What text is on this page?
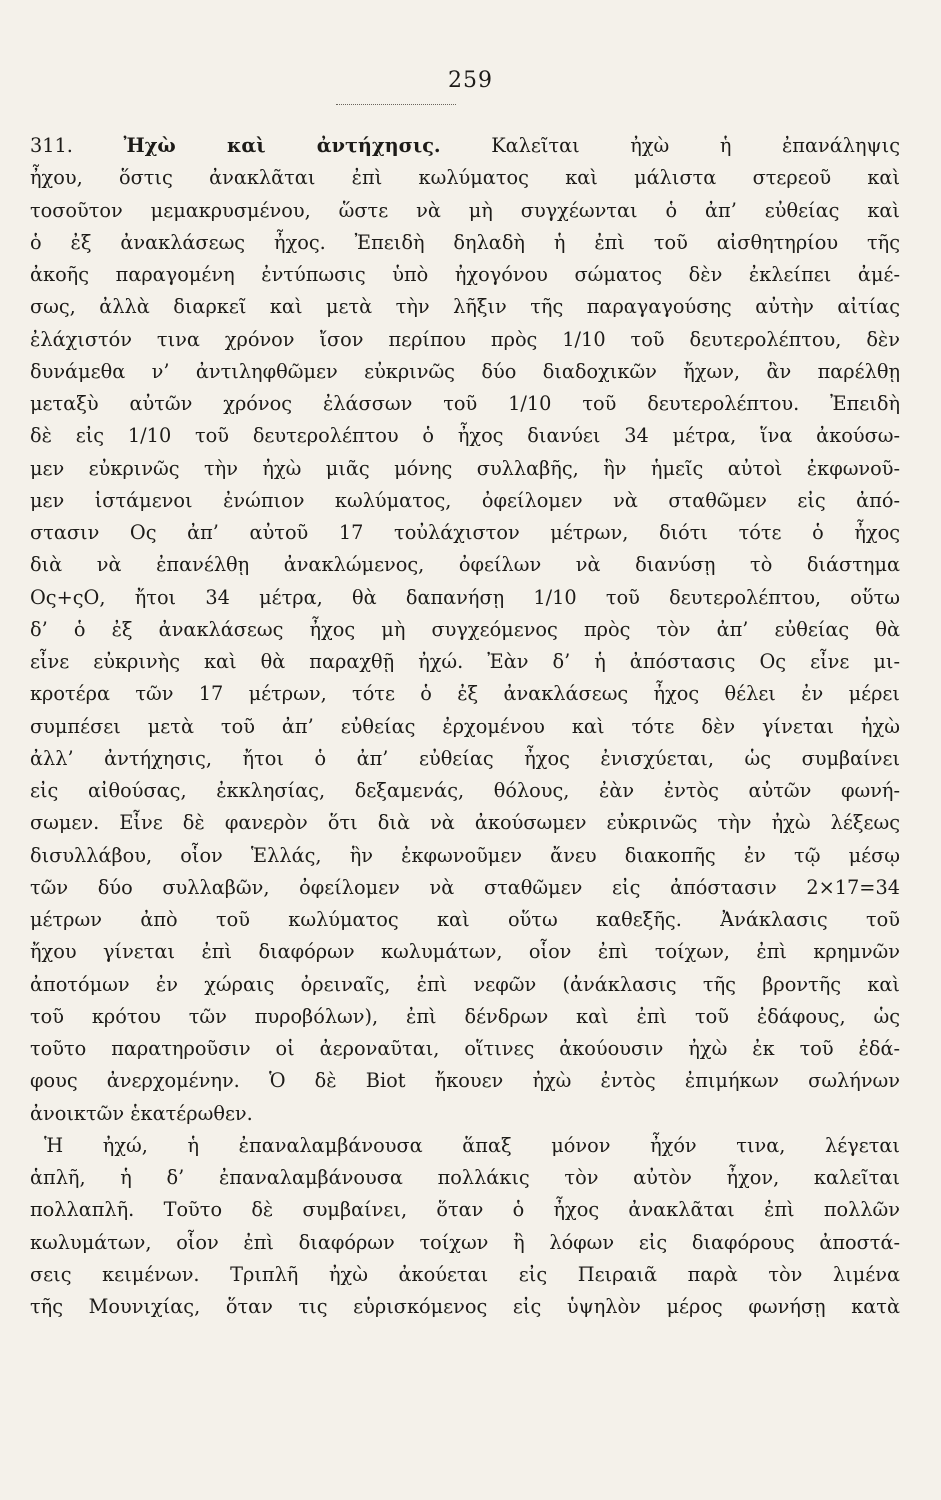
259
311.	Ἠχὼ καὶ ἀντήχησις.	Καλεῖται ἠχὼ ἡ ἐπανάληψις
ἦχου, ὅστις ἀνακλᾶται ἐπὶ κωλύματος καὶ μάλιστα στερεοῦ καὶ
τοσοῦτον μεμακρυσμένου, ὥστε νὰ μὴ συγχέωνται ὁ ἀπ’ εὐθείας καὶ
ὁ ἐξ ἀνακλάσεως ἦχος. Ἐπειδὴ δηλαδὴ ἡ ἐπὶ τοῦ αἰσθητηρίου τῆς
ἀκοῆς παραγομένη ἐντύπωσις ὑπὸ ἠχογόνου σώματος δὲν ἐκλείπει ἀμέ-
σως, ἀλλὰ διαρκεῖ καὶ μετὰ τὴν λῆξιν τῆς παραγαγούσης αὐτὴν αἰτίας
ἐλάχιστόν τινα χρόνον ἴσον περίπου πρὸς 1/10 τοῦ δευτερολέπτου, δὲν
δυνάμεθα ν’ ἀντιληφθῶμεν εὐκρινῶς δύο διαδοχικῶν ἤχων, ἂν παρέλθῃ
μεταξὺ αὐτῶν χρόνος ἐλάσσων τοῦ 1/10 τοῦ δευτερολέπτου. Ἐπειδὴ
δὲ εἰς 1/10 τοῦ δευτερολέπτου ὁ ἦχος διανύει 34 μέτρα, ἵνα ἀκούσω-
μεν εὐκρινῶς τὴν ἠχὼ μιᾶς μόνης συλλαβῆς, ἣν ἡμεῖς αὐτοὶ ἐκφωνοῦ-
μεν ἱστάμενοι ἐνώπιον κωλύματος, ὀφείλομεν νὰ σταθῶμεν εἰς ἀπό-
στασιν Ος ἀπ’ αὐτοῦ 17 τοὐλάχιστον μέτρων, διότι τότε ὁ ἦχος
διὰ νὰ ἐπανέλθῃ ἀνακλώμενος, ὀφείλων νὰ διανύσῃ τὸ διάστημα
Ος+ςΟ, ἤτοι 34 μέτρα, θὰ δαπανήσῃ 1/10 τοῦ δευτερολέπτου, οὕτω
δ’ ὁ ἐξ ἀνακλάσεως ἦχος μὴ συγχεόμενος πρὸς τὸν ἀπ’ εὐθείας θὰ
εἶνε εὐκρινὴς καὶ θὰ παραχθῇ ἠχώ. Ἐὰν δ’ ἡ ἀπόστασις Ος εἶνε μι-
κροτέρα τῶν 17 μέτρων, τότε ὁ ἐξ ἀνακλάσεως ἦχος θέλει ἐν μέρει
συμπέσει μετὰ τοῦ ἀπ’ εὐθείας ἐρχομένου καὶ τότε δὲν γίνεται ἠχὼ
ἀλλ’ ἀντήχησις, ἤτοι ὁ ἀπ’ εὐθείας ἦχος ἐνισχύεται, ὡς συμβαίνει
εἰς αἰθούσας, ἐκκλησίας, δεξαμενάς, θόλους, ἐὰν ἐντὸς αὐτῶν φωνή-
σωμεν. Εἶνε δὲ φανερὸν ὅτι διὰ νὰ ἀκούσωμεν εὐκρινῶς τὴν ἠχὼ λέξεως
δισυλλάβου, οἷον Ἑλλάς, ἣν ἐκφωνοῦμεν ἄνευ διακοπῆς ἐν τῷ μέσῳ
τῶν δύο συλλαβῶν, ὀφείλομεν νὰ σταθῶμεν εἰς ἀπόστασιν 2×17=34
μέτρων ἀπὸ τοῦ κωλύματος καὶ οὕτω καθεξῆς. Ἀνάκλασις τοῦ
ἤχου γίνεται ἐπὶ διαφόρων κωλυμάτων, οἷον ἐπὶ τοίχων, ἐπὶ κρημνῶν
ἀποτόμων ἐν χώραις ὀρειναῖς, ἐπὶ νεφῶν (ἀνάκλασις τῆς βροντῆς καὶ
τοῦ κρότου τῶν πυροβόλων), ἐπὶ δένδρων καὶ ἐπὶ τοῦ ἐδάφους, ὡς
τοῦτο παρατηροῦσιν οἱ ἀεροναῦται, οἵτινες ἀκούουσιν ἠχὼ ἐκ τοῦ ἐδά-
φους ἀνερχομένην. Ὁ δὲ Biot ἤκουεν ἠχὼ ἐντὸς ἐπιμήκων σωλήνων
ἀνοικτῶν ἑκατέρωθεν.
Ἡ ἠχώ, ἡ ἐπαναλαμβάνουσα ἅπαξ μόνον ἦχόν τινα, λέγεται
ἁπλῆ, ἡ δ’ ἐπαναλαμβάνουσα πολλάκις τὸν αὐτὸν ἦχον, καλεῖται
πολλαπλῆ. Τοῦτο δὲ συμβαίνει, ὅταν ὁ ἦχος ἀνακλᾶται ἐπὶ πολλῶν
κωλυμάτων, οἷον ἐπὶ διαφόρων τοίχων ἢ λόφων εἰς διαφόρους ἀποστά-
σεις κειμένων. Τριπλῆ ἠχὼ ἀκούεται εἰς Πειραιᾶ παρὰ τὸν λιμένα
τῆς Μουνιχίας, ὅταν τις εὑρισκόμενος εἰς ὑψηλὸν μέρος φωνήσῃ κατὰ
